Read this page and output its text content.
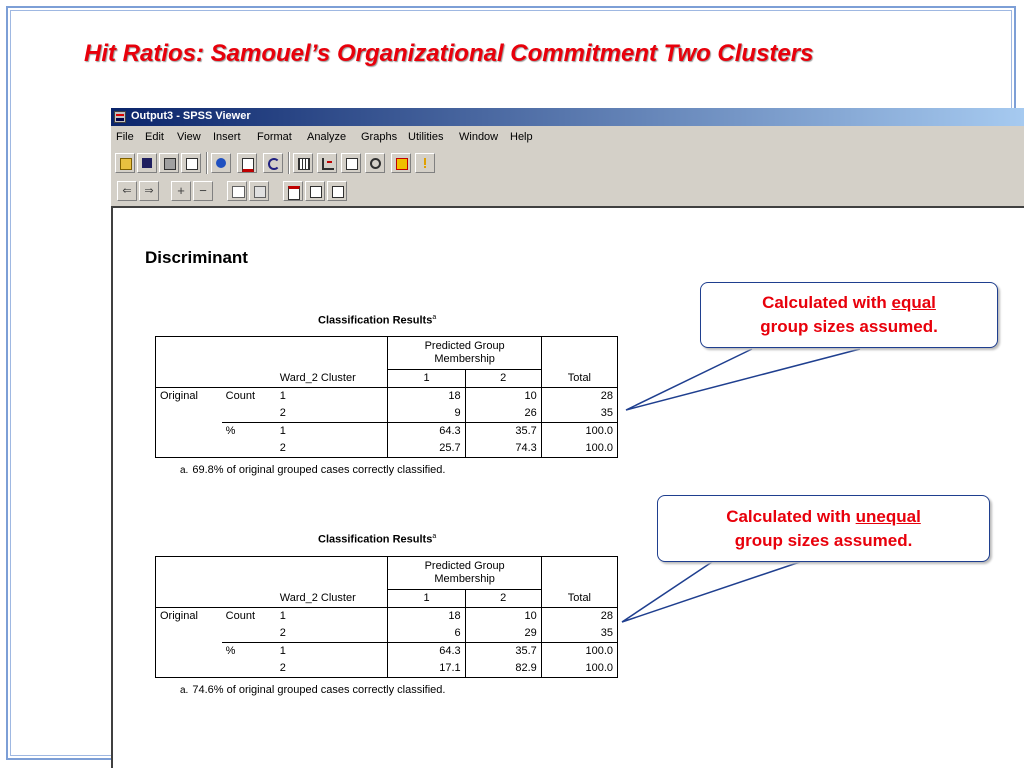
Hit Ratios: Samouel’s Organizational Commitment Two Clusters
Output3 - SPSS Viewer
File Edit View Insert Format Analyze Graphs Utilities Window Help
⇐	⇒	+	−
Discriminant
Classification Results$^a$
			Predicted Group
Membership		
		Ward_2 Cluster	1	2	Total
Original	Count	1	18	10	28
		2	9	26	35
	%	1	64.3	35.7	100.0
		2	25.7	74.3	100.0
a. 69.8% of original grouped cases correctly classified.
Classification Results$^a$
			Predicted Group
Membership		
		Ward_2 Cluster	1	2	Total
Original	Count	1	18	10	28
		2	6	29	35
	%	1	64.3	35.7	100.0
		2	17.1	82.9	100.0
a. 74.6% of original grouped cases correctly classified.
Calculated with equal
group sizes assumed.
Calculated with unequal
group sizes assumed.
